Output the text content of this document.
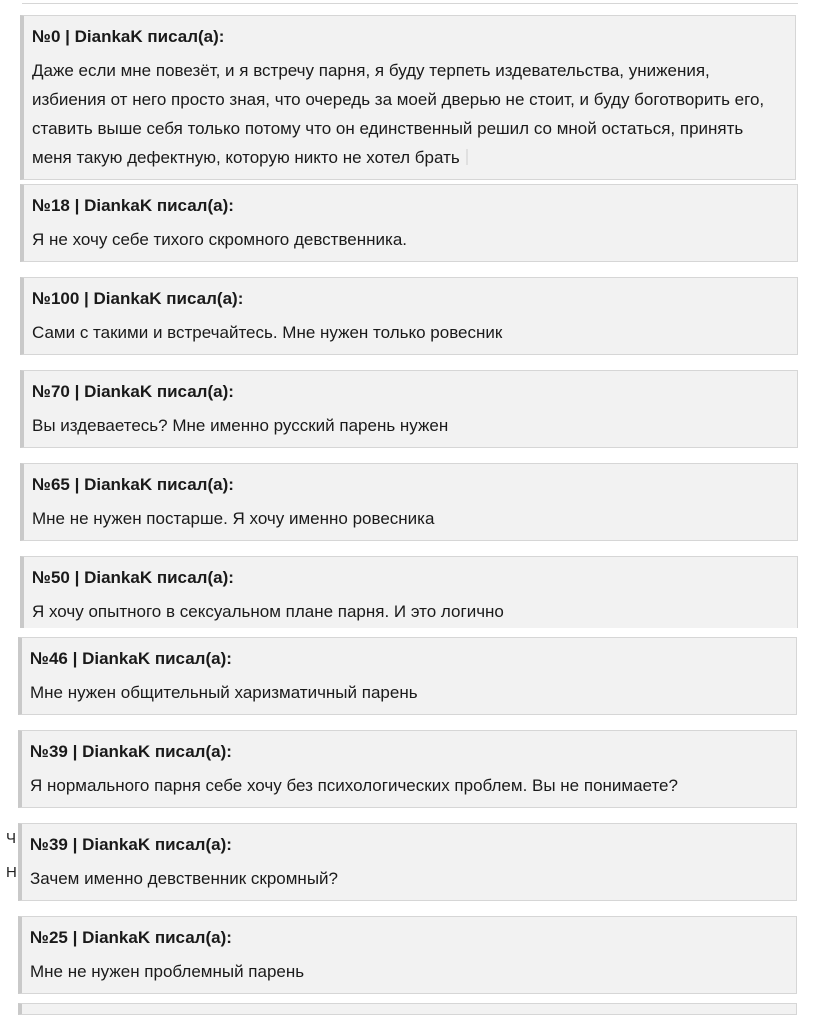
№0 | DiankaK писал(а):

Даже если мне повезёт, и я встречу парня, я буду терпеть издевательства, унижения, избиения от него просто зная, что очередь за моей дверью не стоит, и буду боготворить его, ставить выше себя только потому что он единственный решил со мной остаться, принять меня такую дефектную, которую никто не хотел брать

№18 | DiankaK писал(а):

Я не хочу себе тихого скромного девственника.

№100 | DiankaK писал(а):

Сами с такими и встречайтесь. Мне нужен только ровесник

№70 | DiankaK писал(а):

Вы издеваетесь? Мне именно русский парень нужен

№65 | DiankaK писал(а):

Мне не нужен постарше. Я хочу именно ровесника

№50 | DiankaK писал(а):

Я хочу опытного в сексуальном плане парня. И это логично

№46 | DiankaK писал(а):

Мне нужен общительный харизматичный парень

№39 | DiankaK писал(а):

Я нормального парня себе хочу без психологических проблем. Вы не понимаете?

Ч
Н
№39 | DiankaK писал(а):

Зачем именно девственник скромный?

№25 | DiankaK писал(а):

Мне не нужен проблемный парень
